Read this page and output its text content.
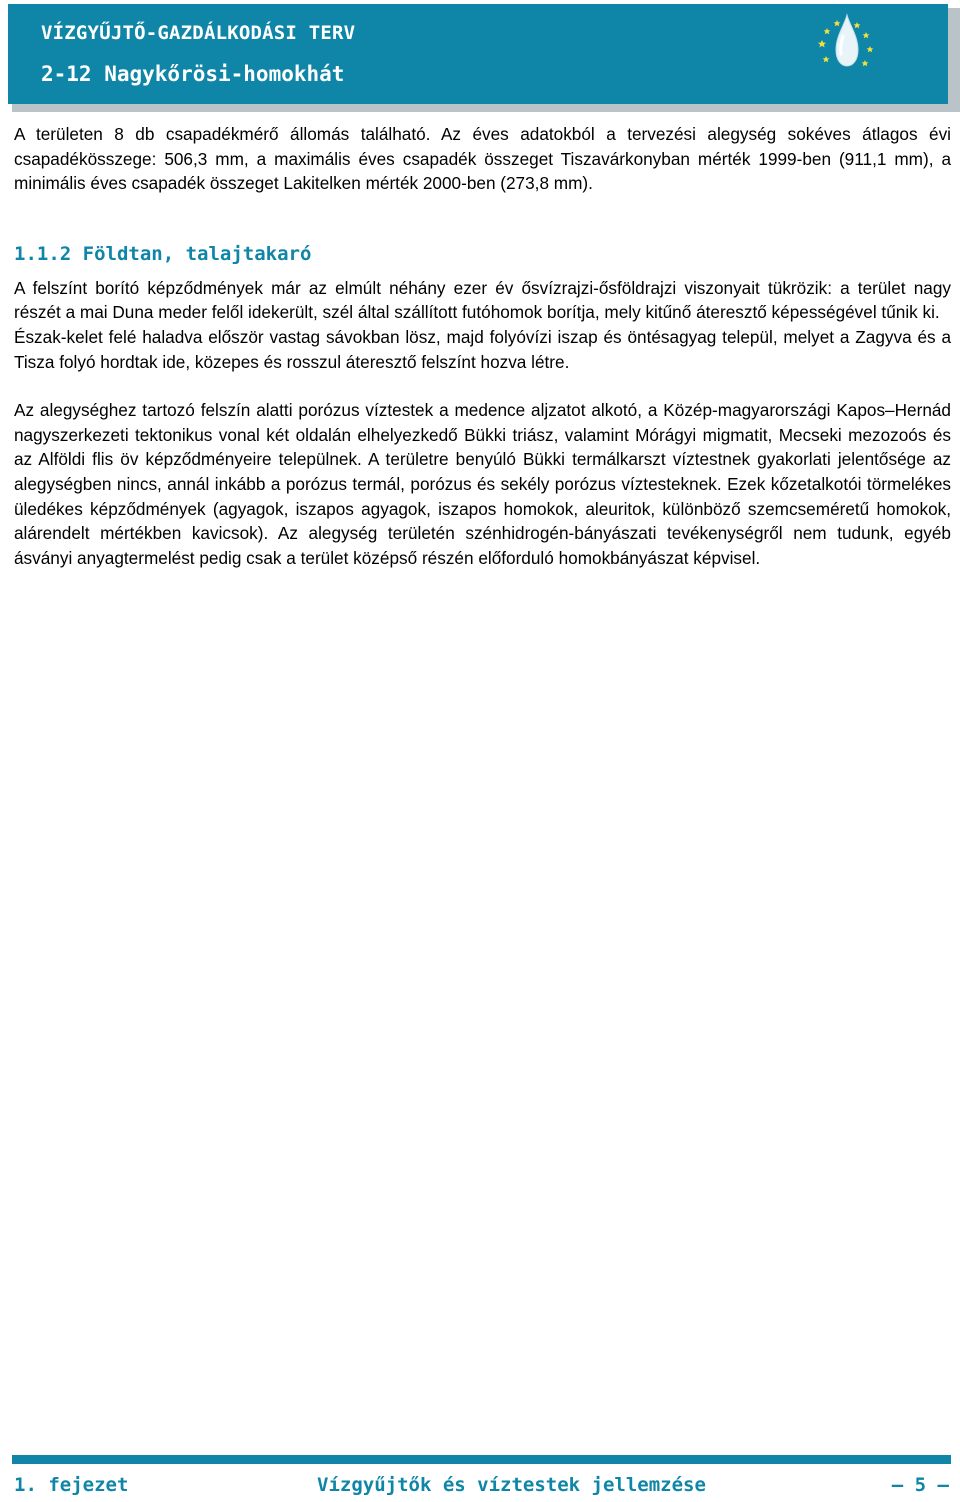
VÍZGYŰJTŐ-GAZDÁLKODÁSI TERV
2-12 Nagykőrösi-homokhát

A területen 8 db csapadékmérő állomás található. Az éves adatokból a tervezési alegység sokéves átlagos évi csapadékösszege: 506,3 mm, a maximális éves csapadék összeget Tiszavárkonyban mérték 1999-ben (911,1 mm), a minimális éves csapadék összeget Lakitelken mérték 2000-ben (273,8 mm).

1.1.2 Földtan, talajtakaró

A felszínt borító képződmények már az elmúlt néhány ezer év ősvízrajzi-ősföldrajzi viszonyait tükrözik: a terület nagy részét a mai Duna meder felől idekerült, szél által szállított futóhomok borítja, mely kitűnő áteresztő képességével tűnik ki.

Észak-kelet felé haladva először vastag sávokban lösz, majd folyóvízi iszap és öntésagyag települ, melyet a Zagyva és a Tisza folyó hordtak ide, közepes és rosszul áteresztő felszínt hozva létre.

Az alegységhez tartozó felszín alatti porózus víztestek a medence aljzatot alkotó, a Közép-magyarországi Kapos–Hernád nagyszerkezeti tektonikus vonal két oldalán elhelyezkedő Bükki triász, valamint Mórágyi migmatit, Mecseki mezozoós és az Alföldi flis öv képződményeire települnek. A területre benyúló Bükki termálkarszt víztestnek gyakorlati jelentősége az alegységben nincs, annál inkább a porózus termál, porózus és sekély porózus víztesteknek. Ezek kőzetalkotói törmelékes üledékes képződmények (agyagok, iszapos agyagok, iszapos homokok, aleuritok, különböző szemcseméretű homokok, alárendelt mértékben kavicsok). Az alegység területén szénhidrogén-bányászati tevékenységről nem tudunk, egyéb ásványi anyagtermelést pedig csak a terület középső részén előforduló homokbányászat képvisel.

1. fejezet	Vízgyűjtők és víztestek jellemzése	– 5 –
